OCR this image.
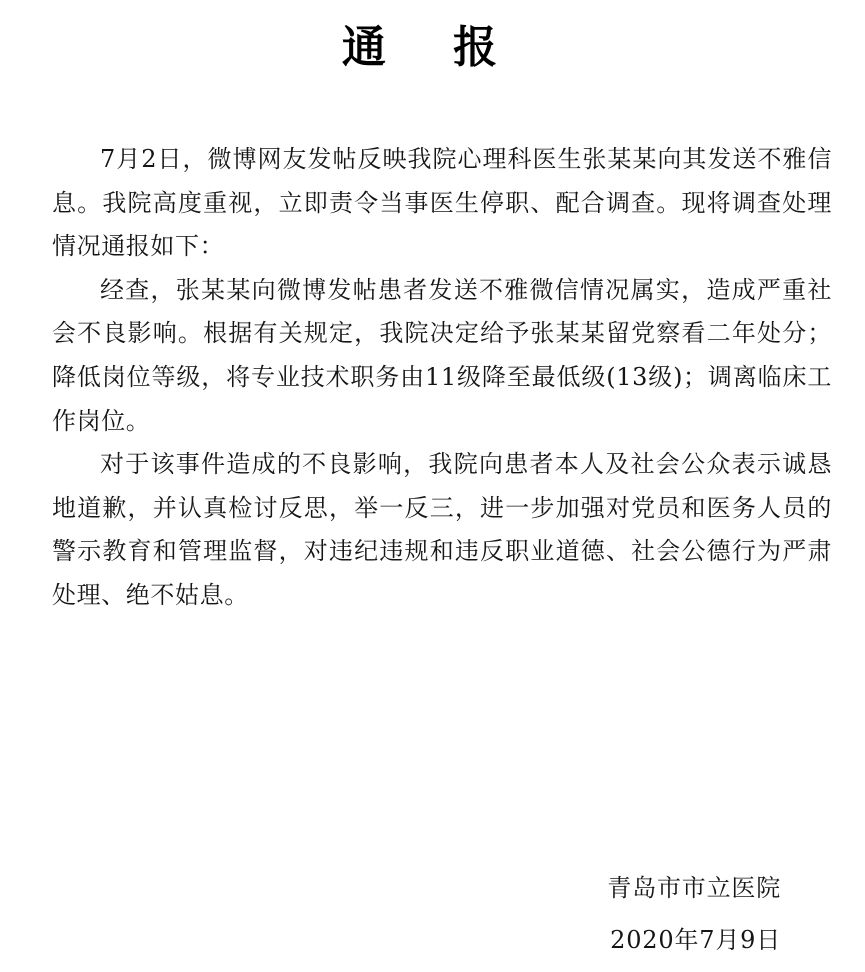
通 报

7月2日，微博网友发帖反映我院心理科医生张某某向其发送不雅信息。我院高度重视，立即责令当事医生停职、配合调查。现将调查处理情况通报如下：

经查，张某某向微博发帖患者发送不雅微信情况属实，造成严重社会不良影响。根据有关规定，我院决定给予张某某留党察看二年处分；降低岗位等级，将专业技术职务由11级降至最低级(13级)；调离临床工作岗位。

对于该事件造成的不良影响，我院向患者本人及社会公众表示诚恳地道歉，并认真检讨反思，举一反三，进一步加强对党员和医务人员的警示教育和管理监督，对违纪违规和违反职业道德、社会公德行为严肃处理、绝不姑息。

青岛市市立医院
2020年7月9日
